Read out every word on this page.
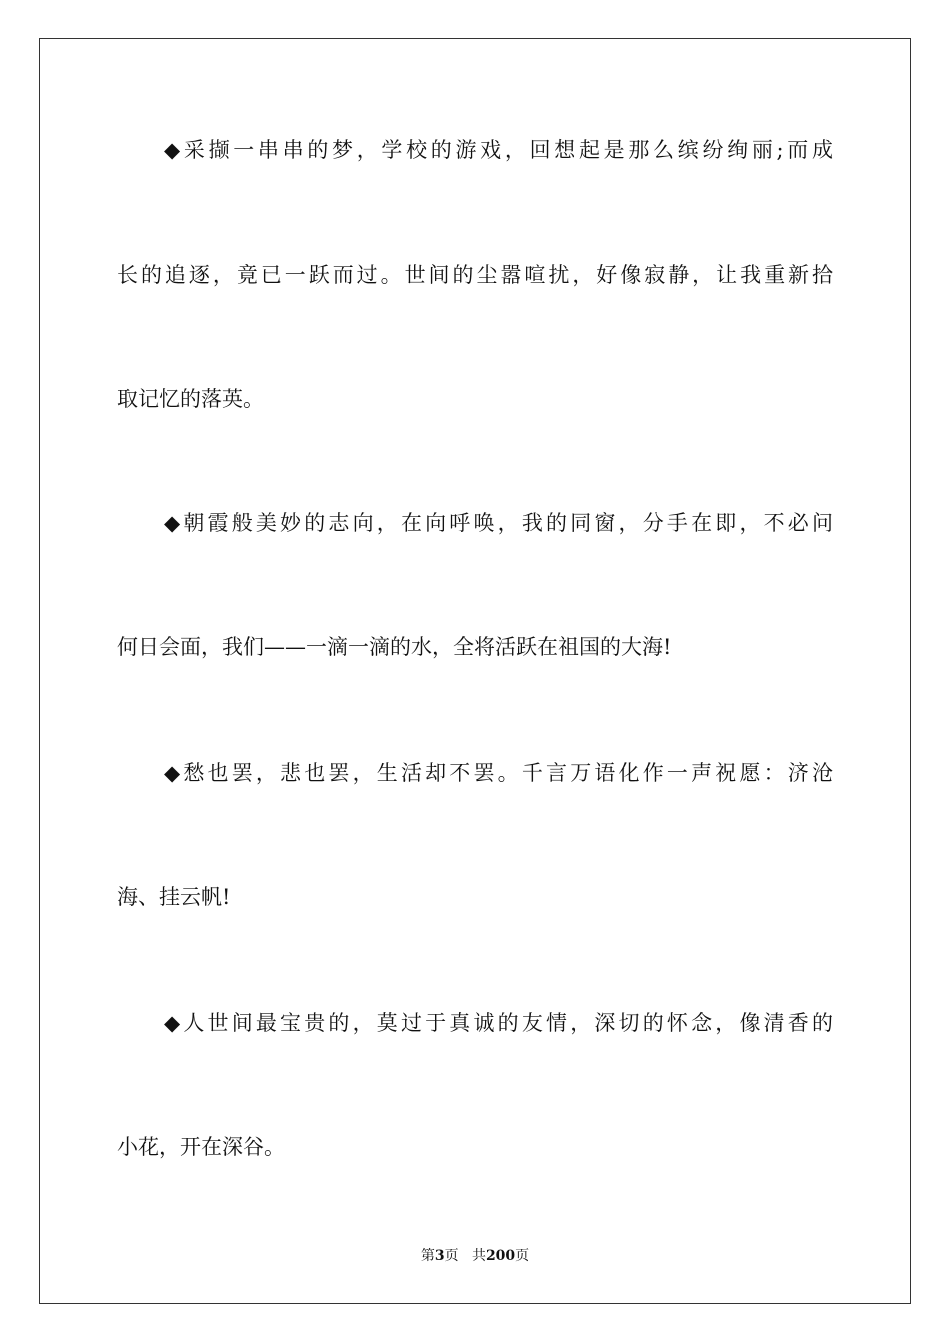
◆采撷一串串的梦，学校的游戏，回想起是那么缤纷绚丽;而成
长的追逐，竟已一跃而过。世间的尘嚣喧扰，好像寂静，让我重新拾
取记忆的落英。
◆朝霞般美妙的志向，在向呼唤，我的同窗，分手在即，不必问
何日会面，我们——一滴一滴的水，全将活跃在祖国的大海!
◆愁也罢，悲也罢，生活却不罢。千言万语化作一声祝愿：济沧
海、挂云帆!
◆人世间最宝贵的，莫过于真诚的友情，深切的怀念，像清香的
小花，开在深谷。
第3页 共200页
